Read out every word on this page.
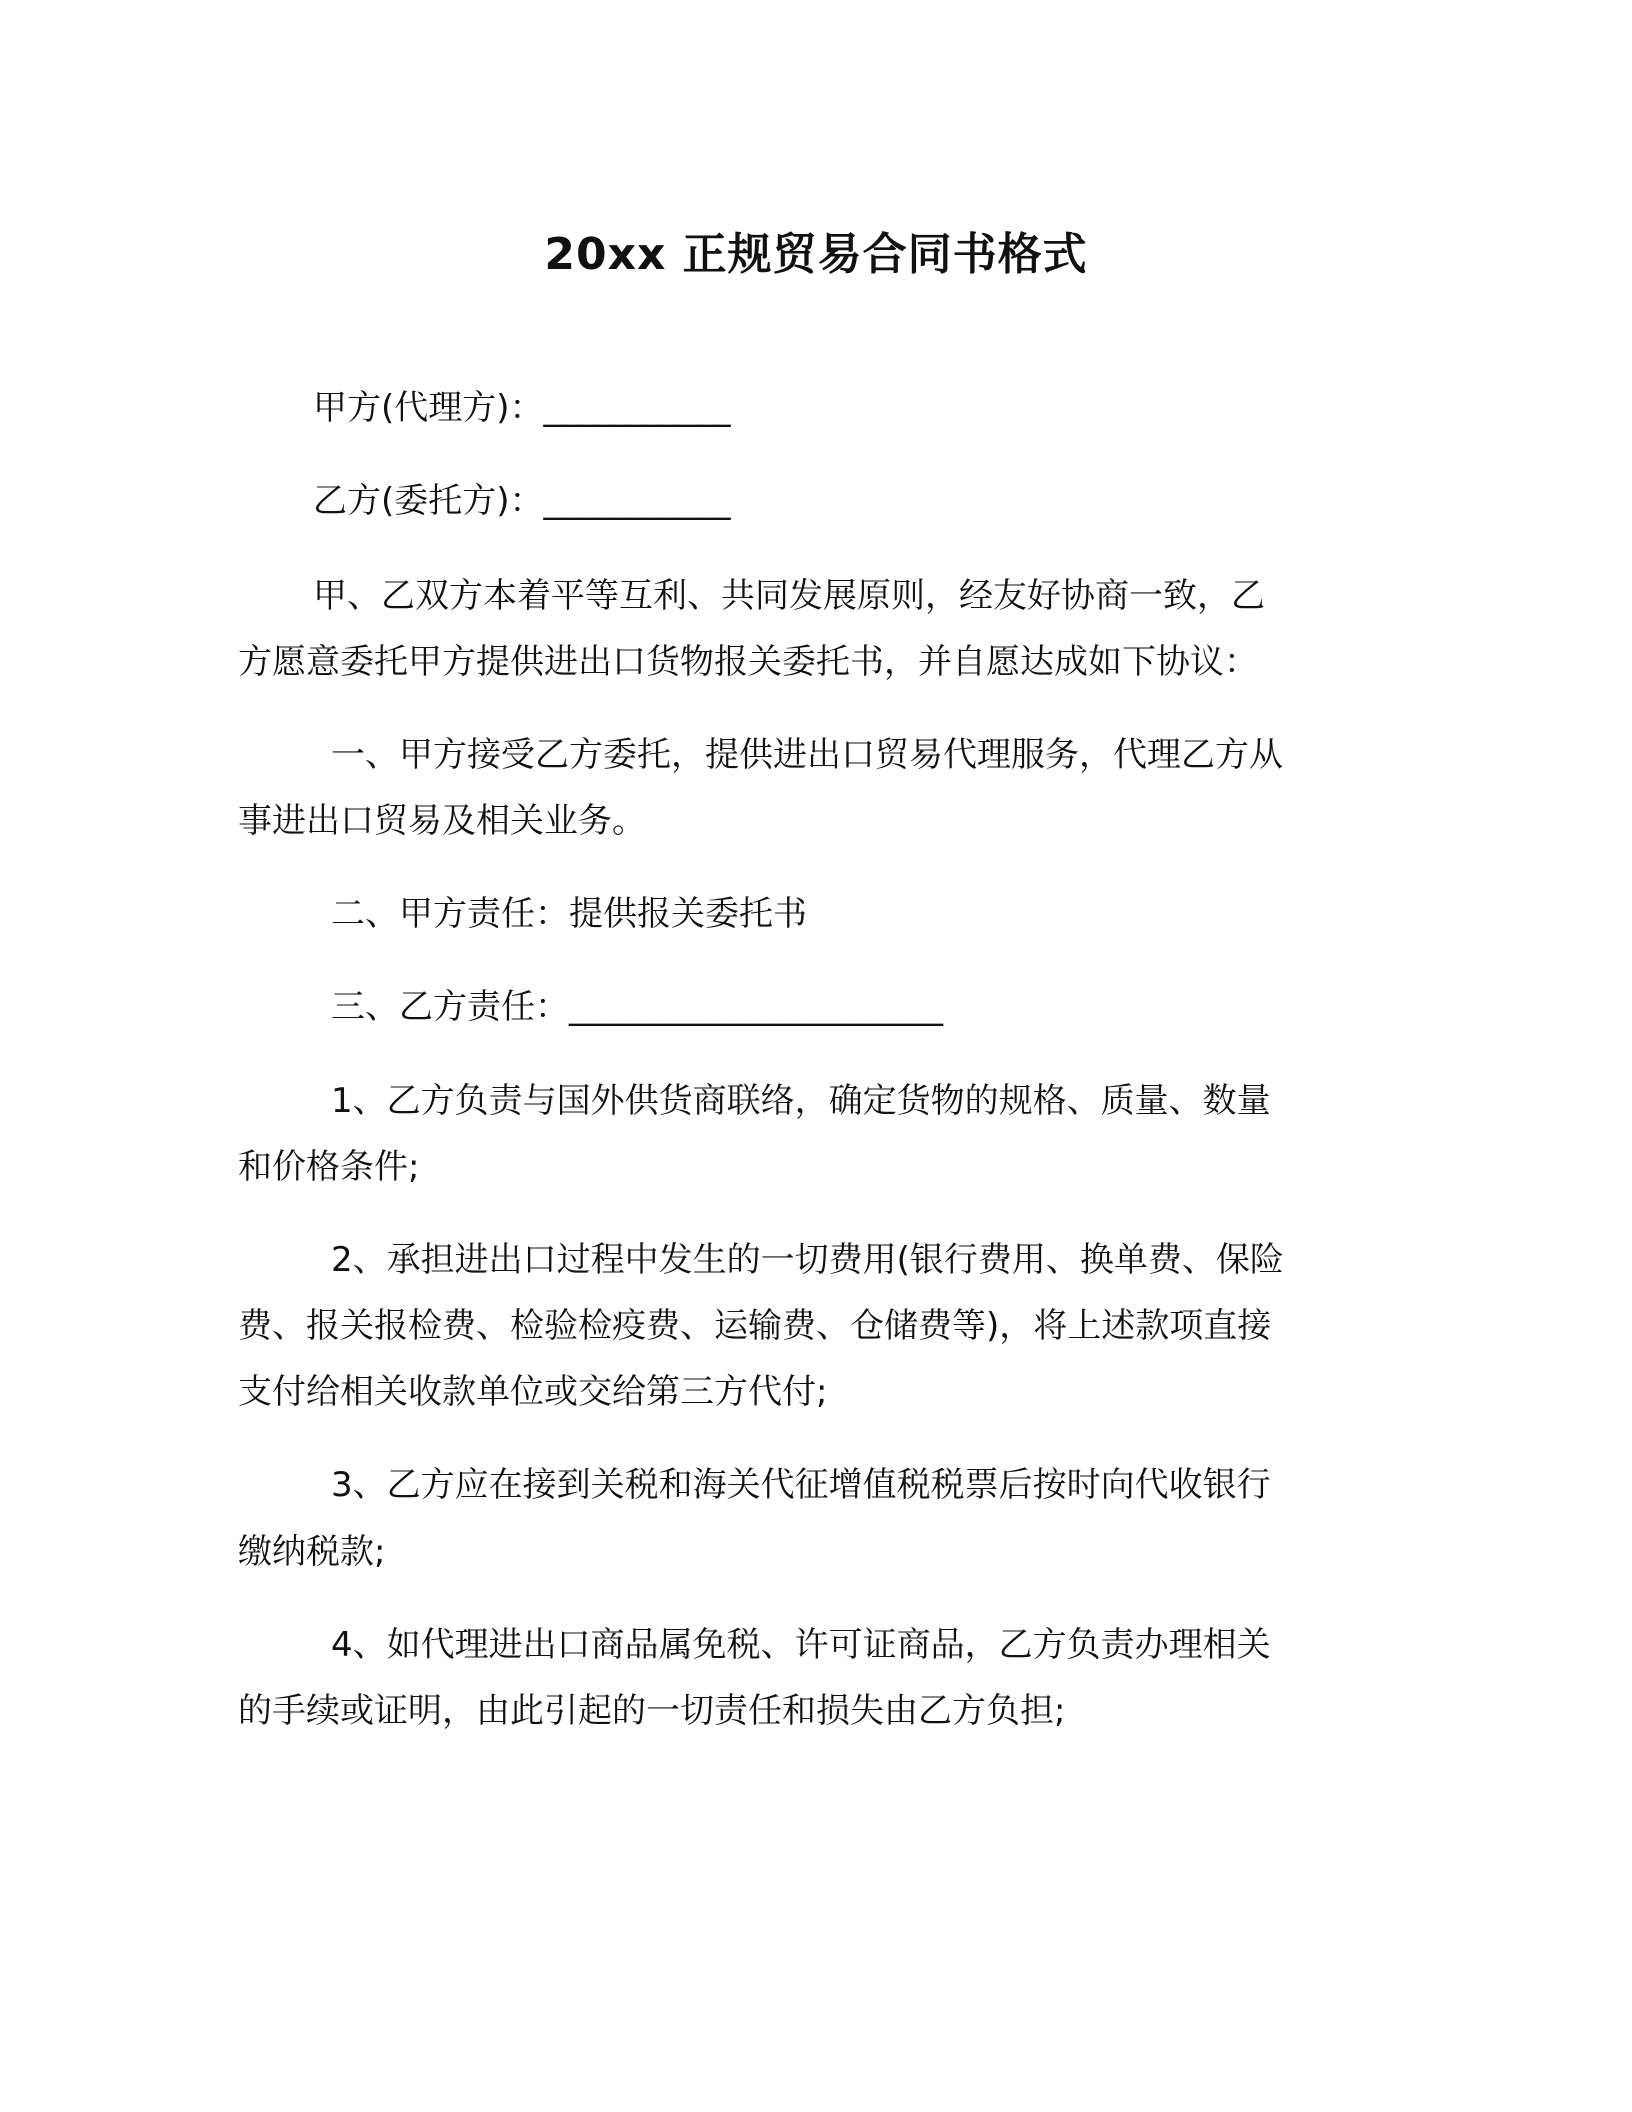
20xx 正规贸易合同书格式

甲方(代理方)：___________

乙方(委托方)：___________

甲、乙双方本着平等互利、共同发展原则，经友好协商一致，乙

方愿意委托甲方提供进出口货物报关委托书，并自愿达成如下协议：

一、甲方接受乙方委托，提供进出口贸易代理服务，代理乙方从

事进出口贸易及相关业务。

二、甲方责任：提供报关委托书

三、乙方责任：______________________

1、乙方负责与国外供货商联络，确定货物的规格、质量、数量

和价格条件;

2、承担进出口过程中发生的一切费用(银行费用、换单费、保险

费、报关报检费、检验检疫费、运输费、仓储费等)，将上述款项直接

支付给相关收款单位或交给第三方代付;

3、乙方应在接到关税和海关代征增值税税票后按时向代收银行

缴纳税款;

4、如代理进出口商品属免税、许可证商品，乙方负责办理相关

的手续或证明，由此引起的一切责任和损失由乙方负担;
